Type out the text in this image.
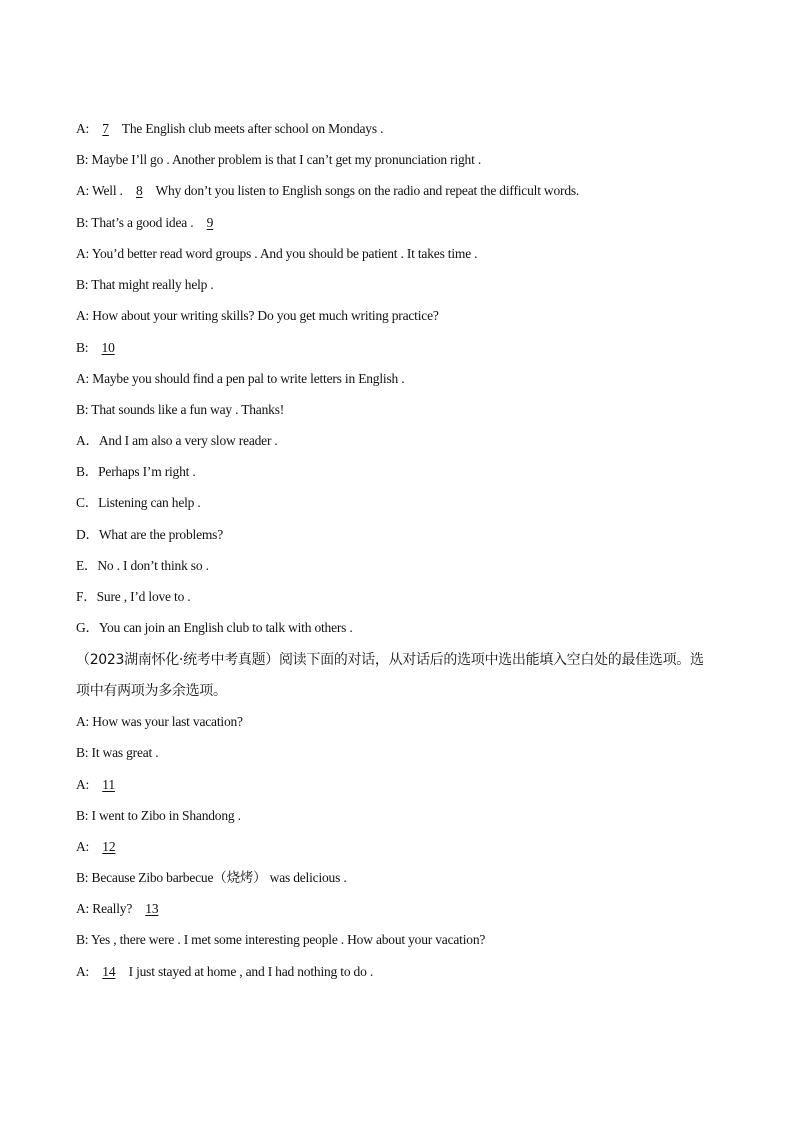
A: 7 The English club meets after school on Mondays .
B: Maybe I’ll go . Another problem is that I can’t get my pronunciation right .
A: Well . 8 Why don’t you listen to English songs on the radio and repeat the difficult words.
B: That’s a good idea . 9
A: You’d better read word groups . And you should be patient . It takes time .
B: That might really help .
A: How about your writing skills? Do you get much writing practice?
B: 10
A: Maybe you should find a pen pal to write letters in English .
B: That sounds like a fun way . Thanks!
A．And I am also a very slow reader .
B．Perhaps I’m right .
C．Listening can help .
D．What are the problems?
E．No . I don’t think so .
F．Sure , I’d love to .
G．You can join an English club to talk with others .
（2023湖南怀化·统考中考真题）阅读下面的对话，从对话后的选项中选出能填入空白处的最佳选项。选
项中有两项为多余选项。
A: How was your last vacation?
B: It was great .
A: 11
B: I went to Zibo in Shandong .
A: 12
B: Because Zibo barbecue（烧烤） was delicious .
A: Really? 13
B: Yes , there were . I met some interesting people . How about your vacation?
A: 14 I just stayed at home , and I had nothing to do .
